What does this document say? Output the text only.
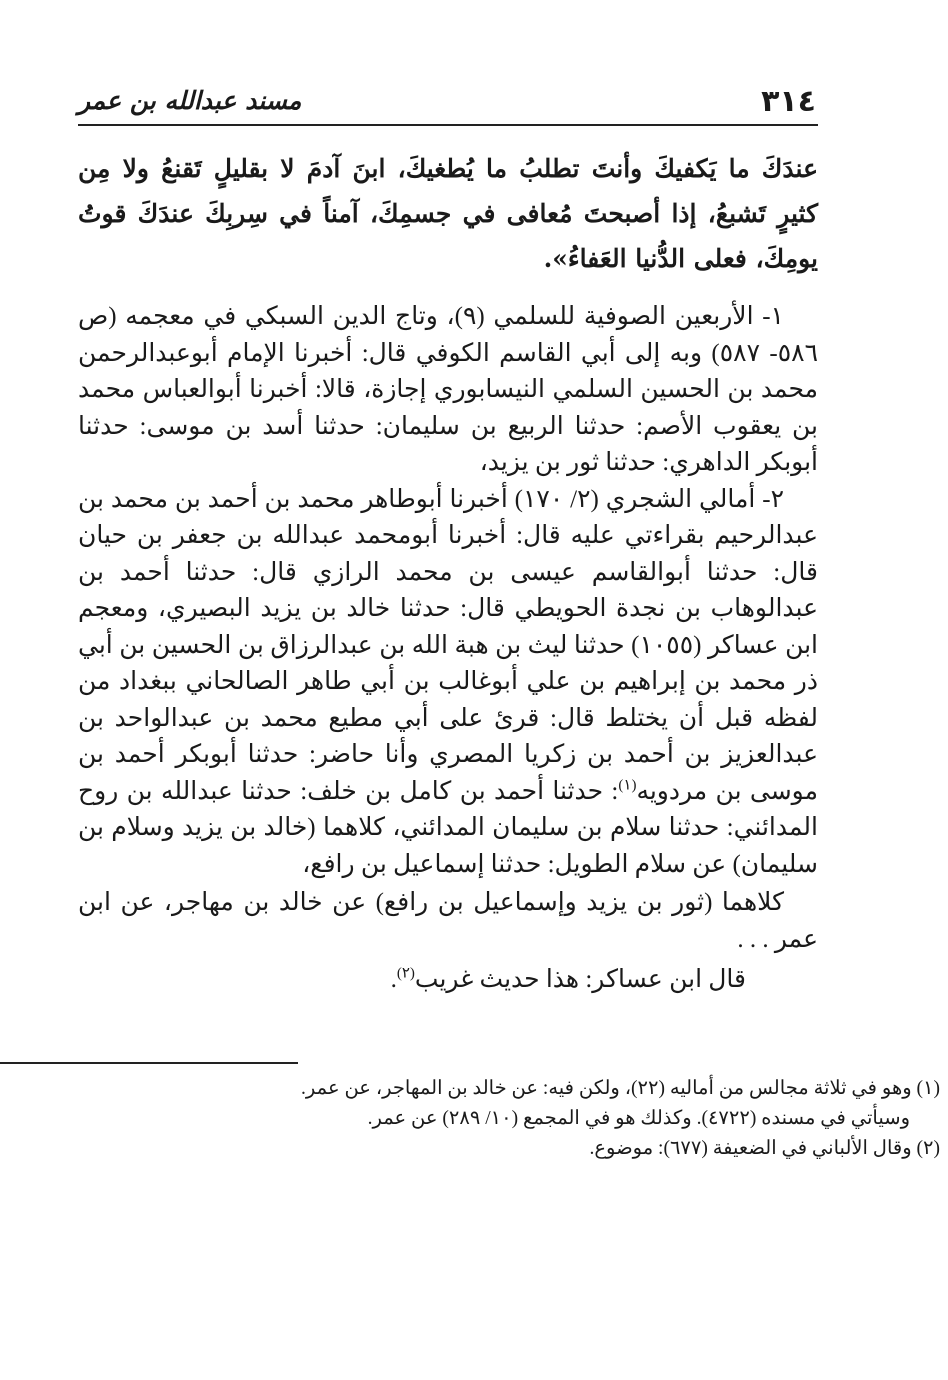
٣١٤
مسند عبدالله بن عمر
عندَكَ ما يَكفيكَ وأنتَ تطلبُ ما يُطغيكَ، ابنَ آدمَ لا بقليلٍ تَقنعُ ولا مِن كثيرٍ تَشبعُ، إذا أصبحتَ مُعافى في جسمِكَ، آمناً في سِربِكَ عندَكَ قوتُ يومِكَ، فعلى الدُّنيا العَفاءُ».

١- الأربعين الصوفية للسلمي (٩)، وتاج الدين السبكي في معجمه (ص ٥٨٦- ٥٨٧) وبه إلى أبي القاسم الكوفي قال: أخبرنا الإمام أبوعبدالرحمن محمد بن الحسين السلمي النيسابوري إجازة، قالا: أخبرنا أبوالعباس محمد بن يعقوب الأصم: حدثنا الربيع بن سليمان: حدثنا أسد بن موسى: حدثنا أبوبكر الداهري: حدثنا ثور بن يزيد،

٢- أمالي الشجري (٢/ ١٧٠) أخبرنا أبوطاهر محمد بن أحمد بن محمد بن عبدالرحيم بقراءتي عليه قال: أخبرنا أبومحمد عبدالله بن جعفر بن حيان قال: حدثنا أبوالقاسم عيسى بن محمد الرازي قال: حدثنا أحمد بن عبدالوهاب بن نجدة الحويطي قال: حدثنا خالد بن يزيد البصيري، ومعجم ابن عساكر (١٠٥٥) حدثنا ليث بن هبة الله بن عبدالرزاق بن الحسين بن أبي ذر محمد بن إبراهيم بن علي أبوغالب بن أبي طاهر الصالحاني ببغداد من لفظه قبل أن يختلط قال: قرئ على أبي مطيع محمد بن عبدالواحد بن عبدالعزيز بن أحمد بن زكريا المصري وأنا حاضر: حدثنا أبوبكر أحمد بن موسى بن مردويه$^{(١)}$: حدثنا أحمد بن كامل بن خلف: حدثنا عبدالله بن روح المدائني: حدثنا سلام بن سليمان المدائني، كلاهما (خالد بن يزيد وسلام بن سليمان) عن سلام الطويل: حدثنا إسماعيل بن رافع،

كلاهما (ثور بن يزيد وإسماعيل بن رافع) عن خالد بن مهاجر، عن ابن عمر . . .

قال ابن عساكر: هذا حديث غريب$^{(٢)}$.

(١) وهو في ثلاثة مجالس من أماليه (٢٢)، ولكن فيه: عن خالد بن المهاجر، عن عمر.

وسيأتي في مسنده (٤٧٢٢). وكذلك هو في المجمع (١٠/ ٢٨٩) عن عمر.

(٢) وقال الألباني في الضعيفة (٦٧٧): موضوع.
